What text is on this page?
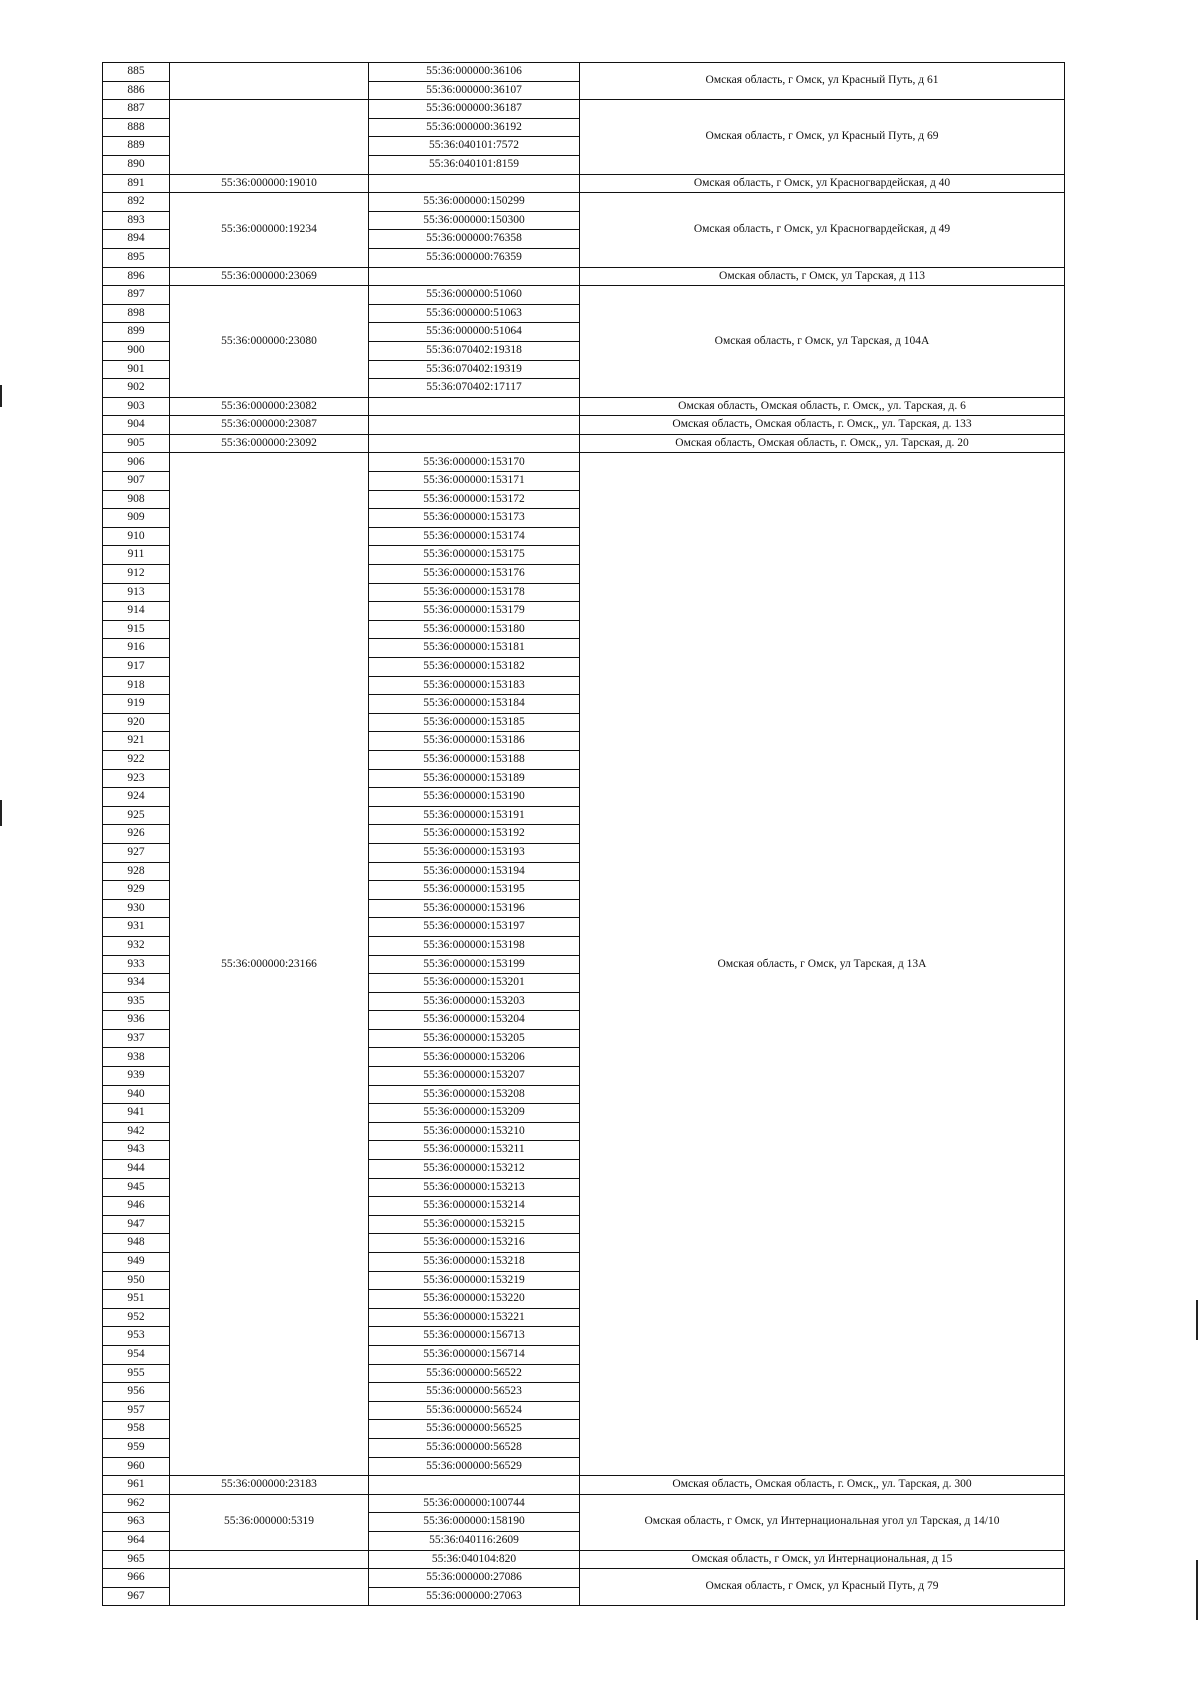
885		55:36:000000:36106	Омская область, г Омск, ул Красный Путь, д 61
886		55:36:000000:36107	
887		55:36:000000:36187	Омская область, г Омск, ул Красный Путь, д 69
888		55:36:000000:36192	
889		55:36:040101:7572	
890		55:36:040101:8159	
891	55:36:000000:19010		Омская область, г Омск, ул Красногвардейская, д 40
892	55:36:000000:19234	55:36:000000:150299	Омская область, г Омск, ул Красногвардейская, д 49
893		55:36:000000:150300	
894		55:36:000000:76358	
895		55:36:000000:76359	
896	55:36:000000:23069		Омская область, г Омск, ул Тарская, д 113
897	55:36:000000:23080	55:36:000000:51060	Омская область, г Омск, ул Тарская, д 104А
898		55:36:000000:51063	
899		55:36:000000:51064	
900		55:36:070402:19318	
901		55:36:070402:19319	
902		55:36:070402:17117	
903	55:36:000000:23082		Омская область, Омская область, г. Омск,, ул. Тарская, д. 6
904	55:36:000000:23087		Омская область, Омская область, г. Омск,, ул. Тарская, д. 133
905	55:36:000000:23092		Омская область, Омская область, г. Омск,, ул. Тарская, д. 20
906	55:36:000000:23166	55:36:000000:153170	Омская область, г Омск, ул Тарская, д 13А
907		55:36:000000:153171	
908		55:36:000000:153172	
909		55:36:000000:153173	
910		55:36:000000:153174	
911		55:36:000000:153175	
912		55:36:000000:153176	
913		55:36:000000:153178	
914		55:36:000000:153179	
915		55:36:000000:153180	
916		55:36:000000:153181	
917		55:36:000000:153182	
918		55:36:000000:153183	
919		55:36:000000:153184	
920		55:36:000000:153185	
921		55:36:000000:153186	
922		55:36:000000:153188	
923		55:36:000000:153189	
924		55:36:000000:153190	
925		55:36:000000:153191	
926		55:36:000000:153192	
927		55:36:000000:153193	
928		55:36:000000:153194	
929		55:36:000000:153195	
930		55:36:000000:153196	
931		55:36:000000:153197	
932		55:36:000000:153198	
933		55:36:000000:153199	
934		55:36:000000:153201	
935		55:36:000000:153203	
936		55:36:000000:153204	
937		55:36:000000:153205	
938		55:36:000000:153206	
939		55:36:000000:153207	
940		55:36:000000:153208	
941		55:36:000000:153209	
942		55:36:000000:153210	
943		55:36:000000:153211	
944		55:36:000000:153212	
945		55:36:000000:153213	
946		55:36:000000:153214	
947		55:36:000000:153215	
948		55:36:000000:153216	
949		55:36:000000:153218	
950		55:36:000000:153219	
951		55:36:000000:153220	
952		55:36:000000:153221	
953		55:36:000000:156713	
954		55:36:000000:156714	
955		55:36:000000:56522	
956		55:36:000000:56523	
957		55:36:000000:56524	
958		55:36:000000:56525	
959		55:36:000000:56528	
960		55:36:000000:56529	
961	55:36:000000:23183		Омская область, Омская область, г. Омск,, ул. Тарская, д. 300
962	55:36:000000:5319	55:36:000000:100744	Омская область, г Омск, ул Интернациональная угол ул Тарская, д 14/10
963		55:36:000000:158190	
964		55:36:040116:2609	
965		55:36:040104:820	Омская область, г Омск, ул Интернациональная, д 15
966		55:36:000000:27086	Омская область, г Омск, ул Красный Путь, д 79
967		55:36:000000:27063	
